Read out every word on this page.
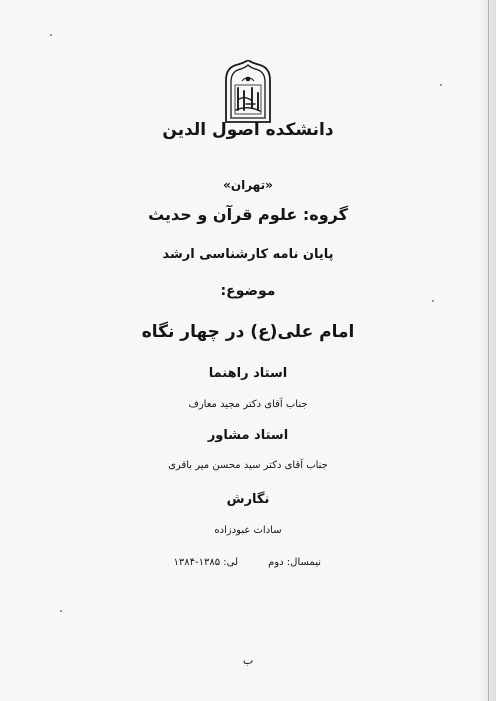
دانشکده اصول الدین
«تهران»
گروه: علوم قرآن و حدیث
پایان نامه کارشناسی ارشد
موضوع:
امام علی(ع) در چهار نگاه
استاد راهنما
جناب آقای دکتر مجید معارف
استاد مشاور
جناب آقای دکتر سید محسن میر باقری
نگارش
سادات عبودزاده
نیمسال: دوم
لی: ۱۳۸۵-۱۳۸۴
ب
